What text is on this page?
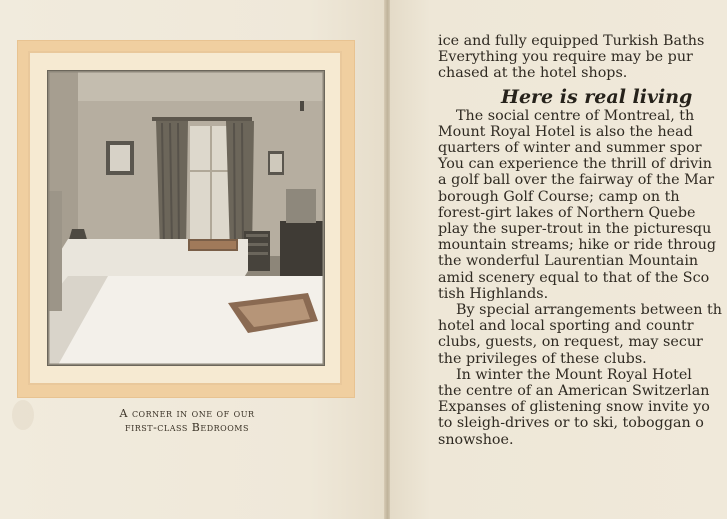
A corner in one of our
first-class Bedrooms
ice and fully equipped Turkish Baths
Everything you require may be pur
chased at the hotel shops.
Here is real living
The social centre of Montreal, th
Mount Royal Hotel is also the head
quarters of winter and summer spor
You can experience the thrill of drivin
a golf ball over the fairway of the Mar
borough Golf Course; camp on th
forest-girt lakes of Northern Quebe
play the super-trout in the picturesqu
mountain streams; hike or ride throug
the wonderful Laurentian Mountain
amid scenery equal to that of the Sco
tish Highlands.
By special arrangements between th
hotel and local sporting and countr
clubs, guests, on request, may secur
the privileges of these clubs.
In winter the Mount Royal Hotel
the centre of an American Switzerlan
Expanses of glistening snow invite yo
to sleigh-drives or to ski, toboggan o
snowshoe.
